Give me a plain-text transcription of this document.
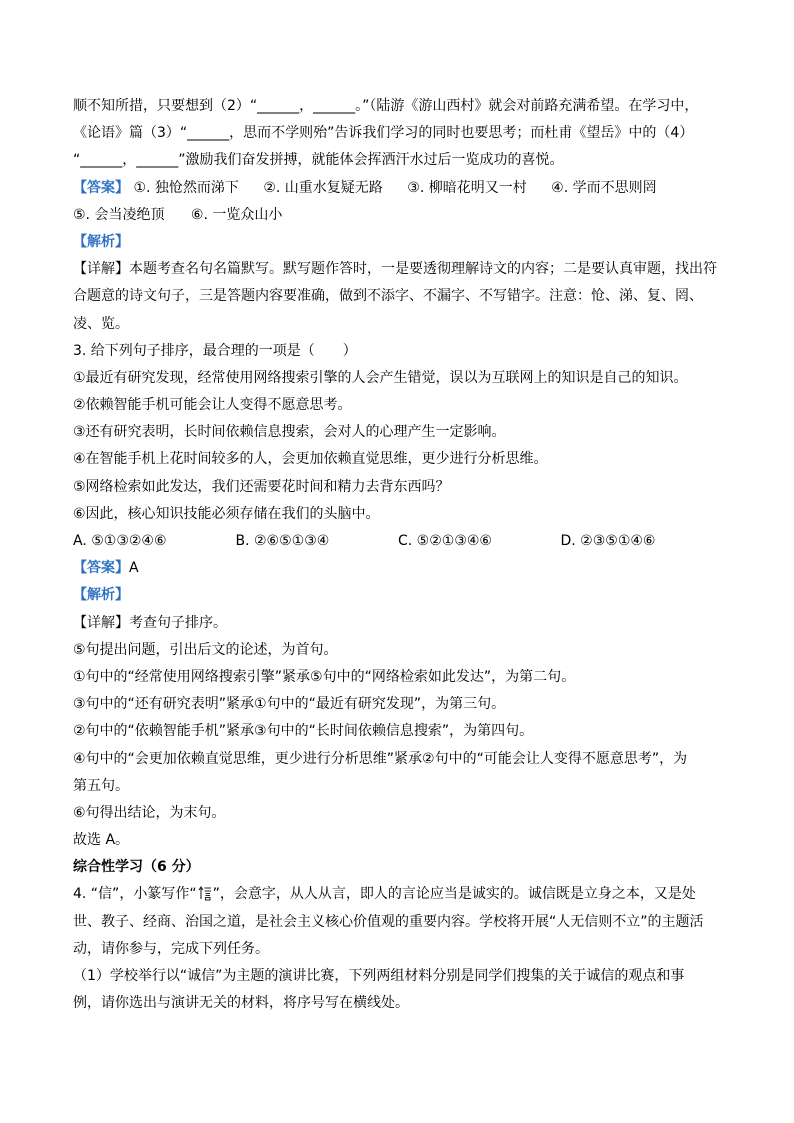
顺不知所措，只要想到（2）“______，______。”（陆游《游山西村》就会对前路充满希望。在学习中，
《论语》篇（3）“______，思而不学则殆”告诉我们学习的同时也要思考；而杜甫《望岳》中的（4）
“______，______”激励我们奋发拼搏，就能体会挥洒汗水过后一览成功的喜悦。
【答案】 ①. 独怆然而涕下 ②. 山重水复疑无路 ③. 柳暗花明又一村 ④. 学而不思则罔
⑤. 会当凌绝顶 ⑥. 一览众山小
【解析】
【详解】本题考查名句名篇默写。默写题作答时，一是要透彻理解诗文的内容；二是要认真审题，找出符
合题意的诗文句子，三是答题内容要准确，做到不添字、不漏字、不写错字。注意：怆、涕、复、罔、
凌、览。
3. 给下列句子排序，最合理的一项是（　　）
①最近有研究发现，经常使用网络搜索引擎的人会产生错觉，误以为互联网上的知识是自己的知识。
②依赖智能手机可能会让人变得不愿意思考。
③还有研究表明，长时间依赖信息搜索，会对人的心理产生一定影响。
④在智能手机上花时间较多的人，会更加依赖直觉思维，更少进行分析思维。
⑤网络检索如此发达，我们还需要花时间和精力去背东西吗？
⑥因此，核心知识技能必须存储在我们的头脑中。
A. ⑤①③②④⑥	B. ②⑥⑤①③④	C. ⑤②①③④⑥	D. ②③⑤①④⑥
【答案】A
【解析】
【详解】考查句子排序。
⑤句提出问题，引出后文的论述，为首句。
①句中的“经常使用网络搜索引擎”紧承⑤句中的“网络检索如此发达”，为第二句。
③句中的“还有研究表明”紧承①句中的“最近有研究发现”，为第三句。
②句中的“依赖智能手机”紧承③句中的“长时间依赖信息搜索”，为第四句。
④句中的“会更加依赖直觉思维，更少进行分析思维”紧承②句中的“可能会让人变得不愿意思考”，为
第五句。
⑥句得出结论，为末句。
故选 A。
综合性学习（6 分）
4. “信”，小篆写作“ ”，会意字，从人从言，即人的言论应当是诚实的。诚信既是立身之本，又是处
世、教子、经商、治国之道，是社会主义核心价值观的重要内容。学校将开展“人无信则不立”的主题活
动，请你参与，完成下列任务。
（1）学校举行以“诚信”为主题的演讲比赛，下列两组材料分别是同学们搜集的关于诚信的观点和事
例，请你选出与演讲无关的材料，将序号写在横线处。
